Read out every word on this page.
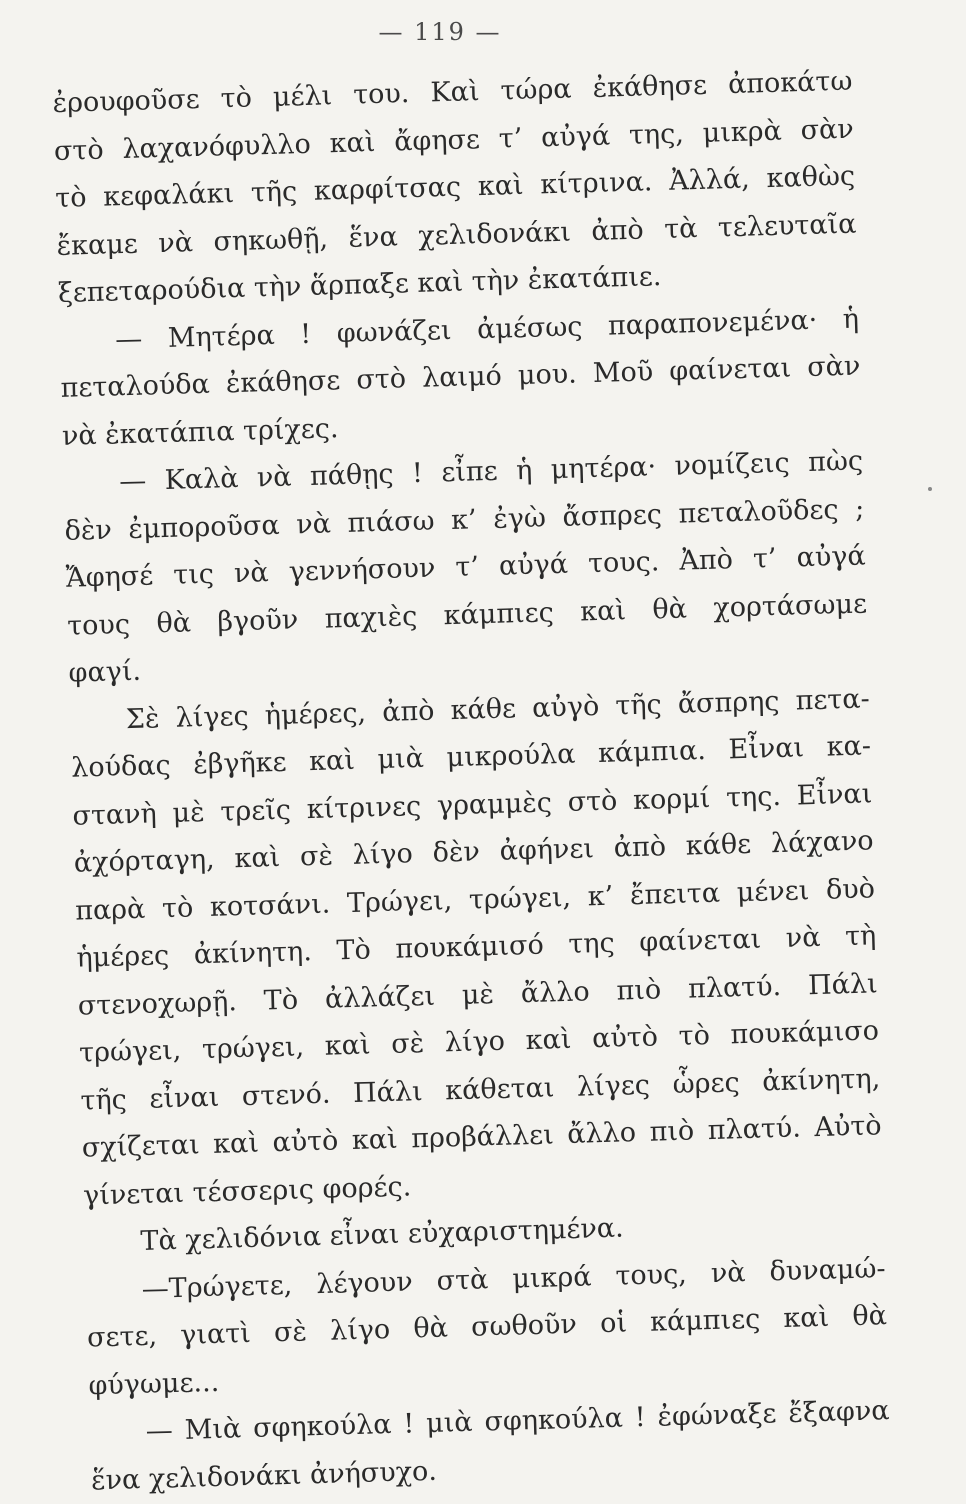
— 119 —
ἐρουφοῦσε τὸ μέλι του. Καὶ τώρα ἐκάθησε ἀποκάτω
στὸ λαχανόφυλλο καὶ ἄφησε τ’ αὐγά της, μικρὰ σὰν
τὸ κεφαλάκι τῆς καρφίτσας καὶ κίτρινα. Ἀλλά, καθὼς
ἔκαμε νὰ σηκωθῇ, ἕνα χελιδονάκι ἀπὸ τὰ τελευταῖα
ξεπεταρούδια τὴν ἅρπαξε καὶ τὴν ἐκατάπιε.
— Μητέρα ! φωνάζει ἀμέσως παραπονεμένα· ἡ
πεταλούδα ἐκάθησε στὸ λαιμό μου. Μοῦ φαίνεται σὰν
νὰ ἐκατάπια τρίχες.
— Καλὰ νὰ πάθῃς ! εἶπε ἡ μητέρα· νομίζεις πὼς
δὲν ἐμποροῦσα νὰ πιάσω κ’ ἐγὼ ἄσπρες πεταλοῦδες ;
Ἄφησέ τις νὰ γεννήσουν τ’ αὐγά τους. Ἀπὸ τ’ αὐγά
τους θὰ βγοῦν παχιὲς κάμπιες καὶ θὰ χορτάσωμε
φαγί.
Σὲ λίγες ἡμέρες, ἀπὸ κάθε αὐγὸ τῆς ἄσπρης πετα-
λούδας ἐβγῆκε καὶ μιὰ μικρούλα κάμπια. Εἶναι κα-
στανὴ μὲ τρεῖς κίτρινες γραμμὲς στὸ κορμί της. Εἶναι
ἀχόρταγη, καὶ σὲ λίγο δὲν ἀφήνει ἀπὸ κάθε λάχανο
παρὰ τὸ κοτσάνι. Τρώγει, τρώγει, κ’ ἔπειτα μένει δυὸ
ἡμέρες ἀκίνητη. Τὸ πουκάμισό της φαίνεται νὰ τὴ
στενοχωρῇ. Τὸ ἀλλάζει μὲ ἄλλο πιὸ πλατύ. Πάλι
τρώγει, τρώγει, καὶ σὲ λίγο καὶ αὐτὸ τὸ πουκάμισο
τῆς εἶναι στενό. Πάλι κάθεται λίγες ὧρες ἀκίνητη,
σχίζεται καὶ αὐτὸ καὶ προβάλλει ἄλλο πιὸ πλατύ. Αὐτὸ
γίνεται τέσσερις φορές.
Τὰ χελιδόνια εἶναι εὐχαριστημένα.
—Τρώγετε, λέγουν στὰ μικρά τους, νὰ δυναμώ-
σετε, γιατὶ σὲ λίγο θὰ σωθοῦν οἱ κάμπιες καὶ θὰ
φύγωμε...
— Μιὰ σφηκούλα ! μιὰ σφηκούλα ! ἐφώναξε ἔξαφνα
ἕνα χελιδονάκι ἀνήσυχο.
